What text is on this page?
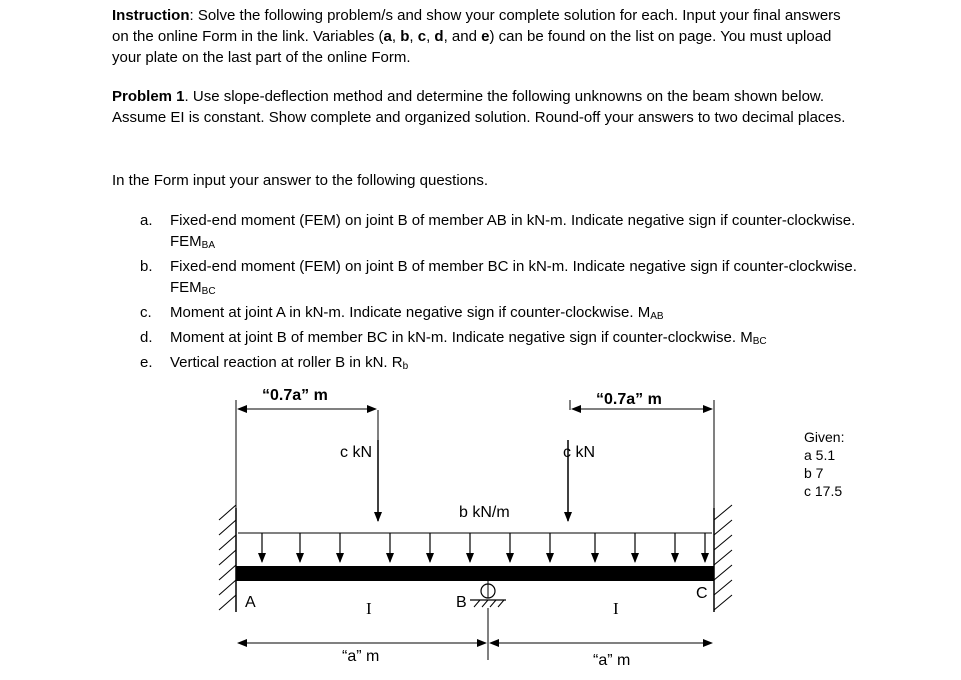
Instruction: Solve the following problem/s and show your complete solution for each. Input your final answers on the online Form in the link. Variables (a, b, c, d, and e) can be found on the list on page. You must upload your plate on the last part of the online Form.
Problem 1. Use slope-deflection method and determine the following unknowns on the beam shown below. Assume EI is constant. Show complete and organized solution. Round-off your answers to two decimal places.
In the Form input your answer to the following questions.
a. Fixed-end moment (FEM) on joint B of member AB in kN-m. Indicate negative sign if counter-clockwise. $FEM_{BA}$
b. Fixed-end moment (FEM) on joint B of member BC in kN-m. Indicate negative sign if counter-clockwise. $FEM_{BC}$
c. Moment at joint A in kN-m. Indicate negative sign if counter-clockwise. $M_{AB}$
d. Moment at joint B of member BC in kN-m. Indicate negative sign if counter-clockwise. $M_{BC}$
e. Vertical reaction at roller B in kN. $R_b$
“0.7a” m	“0.7a” m
c kN	c kN
b kN/m
A	B
C
I	I
“a” m	“a” m
Given:
a 5.1
b 7
c 17.5
